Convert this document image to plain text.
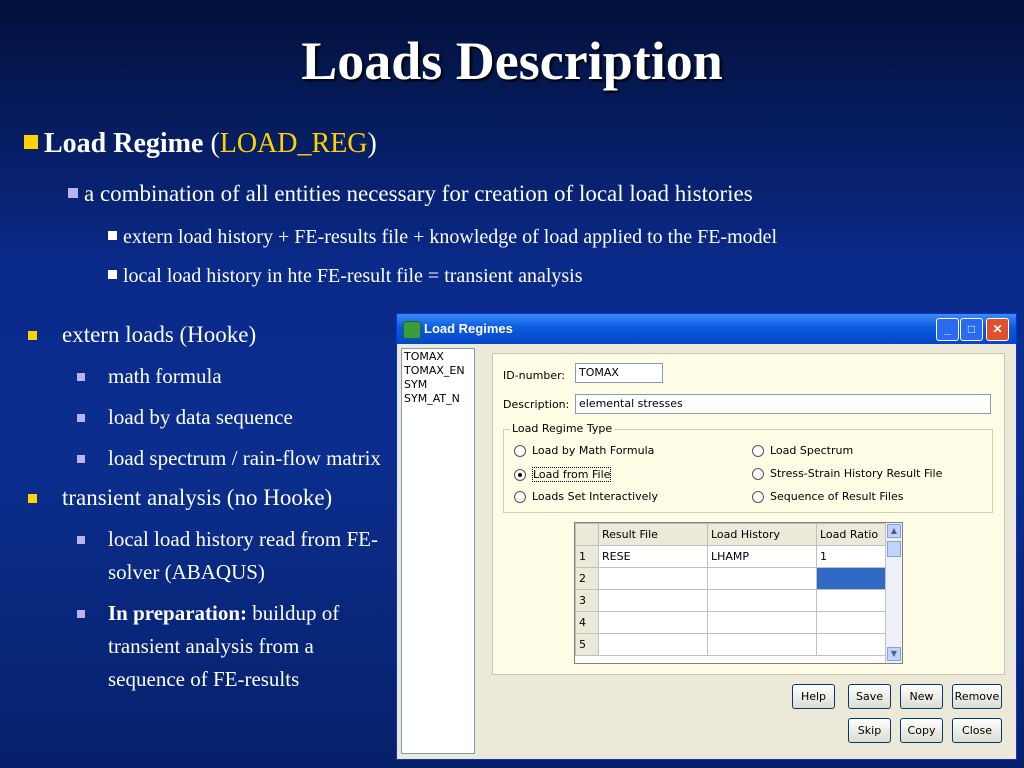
Loads Description
Load Regime (LOAD_REG)
a combination of all entities necessary for creation of local load histories
extern load history + FE-results file + knowledge of load applied to the FE-model
local load history in hte FE-result file = transient analysis
extern loads (Hooke)
math formula
load by data sequence
load spectrum / rain-flow matrix
transient analysis (no Hooke)
local load history read from FE-solver (ABAQUS)
In preparation: buildup of transient analysis from a sequence of FE-results
Load Regimes	_	□	✕
TOMAX
TOMAX_EN
SYM
SYM_AT_N
ID-number:	TOMAX
Description: elemental stresses
Load Regime Type
Load by Math Formula
Load from File
Loads Set Interactively
Load Spectrum
Stress-Strain History Result File
Sequence of Result Files
	Result File	Load History	Load Ratio
1	RESE	LHAMP	1
2			
3			
4			
5			
▲
▼
Help	Save	New	Remove
Skip	Copy	Close
